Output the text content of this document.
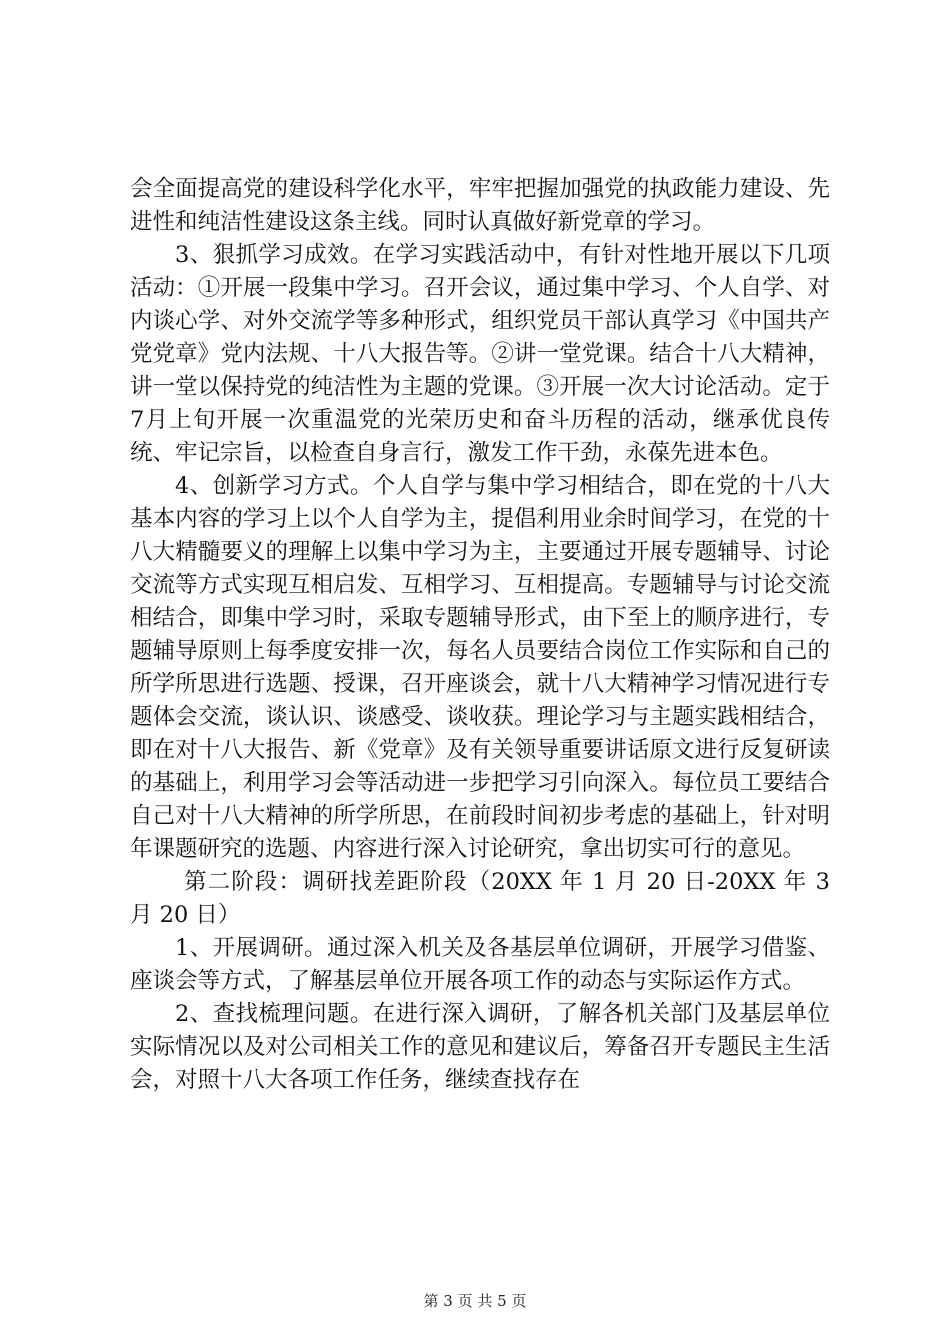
会全面提高党的建设科学化水平，牢牢把握加强党的执政能力建设、先进性和纯洁性建设这条主线。同时认真做好新党章的学习。

3、狠抓学习成效。在学习实践活动中，有针对性地开展以下几项活动：①开展一段集中学习。召开会议，通过集中学习、个人自学、对内谈心学、对外交流学等多种形式，组织党员干部认真学习《中国共产党党章》党内法规、十八大报告等。②讲一堂党课。结合十八大精神，讲一堂以保持党的纯洁性为主题的党课。③开展一次大讨论活动。定于7月上旬开展一次重温党的光荣历史和奋斗历程的活动，继承优良传统、牢记宗旨，以检查自身言行，激发工作干劲，永葆先进本色。

4、创新学习方式。个人自学与集中学习相结合，即在党的十八大基本内容的学习上以个人自学为主，提倡利用业余时间学习，在党的十八大精髓要义的理解上以集中学习为主，主要通过开展专题辅导、讨论交流等方式实现互相启发、互相学习、互相提高。专题辅导与讨论交流相结合，即集中学习时，采取专题辅导形式，由下至上的顺序进行，专题辅导原则上每季度安排一次，每名人员要结合岗位工作实际和自己的所学所思进行选题、授课，召开座谈会，就十八大精神学习情况进行专题体会交流，谈认识、谈感受、谈收获。理论学习与主题实践相结合，即在对十八大报告、新《党章》及有关领导重要讲话原文进行反复研读的基础上，利用学习会等活动进一步把学习引向深入。每位员工要结合自己对十八大精神的所学所思，在前段时间初步考虑的基础上，针对明年课题研究的选题、内容进行深入讨论研究，拿出切实可行的意见。

第二阶段：调研找差距阶段（20XX 年 1 月 20 日-20XX 年 3 月 20 日）

1、开展调研。通过深入机关及各基层单位调研，开展学习借鉴、座谈会等方式，了解基层单位开展各项工作的动态与实际运作方式。

2、查找梳理问题。在进行深入调研，了解各机关部门及基层单位实际情况以及对公司相关工作的意见和建议后，筹备召开专题民主生活会，对照十八大各项工作任务，继续查找存在

第 3 页 共 5 页
